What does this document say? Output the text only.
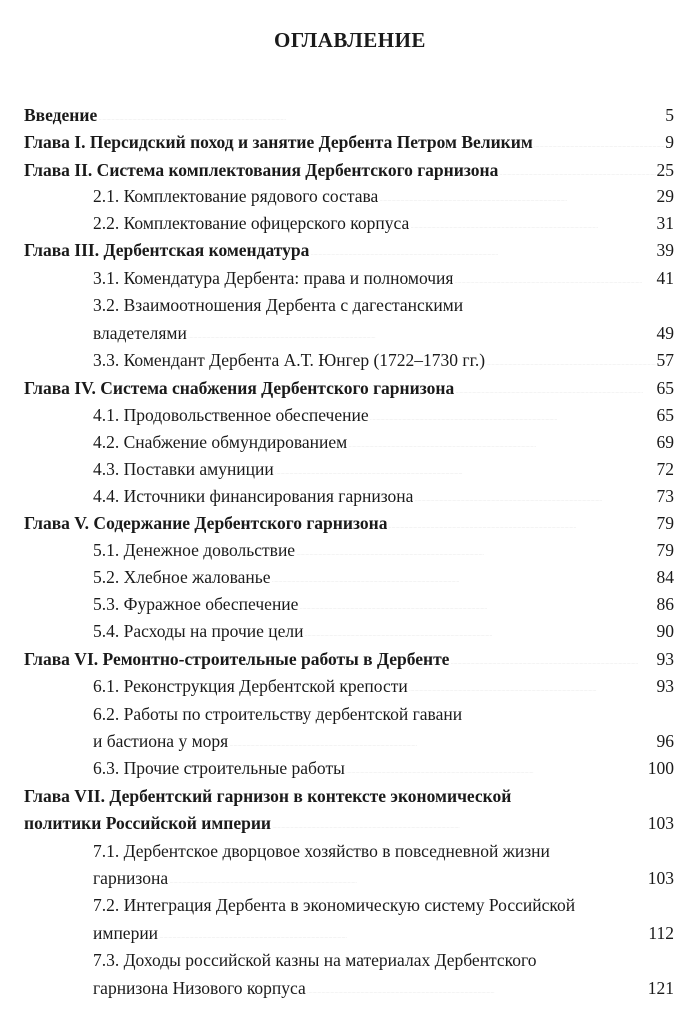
ОГЛАВЛЕНИЕ
Введение . . .	5
Глава I. Персидский поход и занятие Дербента Петром Великим . . .	9
Глава II. Система комплектования Дербентского гарнизона . . .	25
2.1. Комплектование рядового состава . . .	29
2.2. Комплектование офицерского корпуса . . .	31
Глава III. Дербентская комендатура . . .	39
3.1. Комендатура Дербента: права и полномочия . . .	41
3.2. Взаимоотношения Дербента с дагестанскими
владетелями . . .	49
3.3. Комендант Дербента А.Т. Юнгер (1722–1730 гг.) . . .	57
Глава IV. Система снабжения Дербентского гарнизона . . .	65
4.1. Продовольственное обеспечение . . .	65
4.2. Снабжение обмундированием . . .	69
4.3. Поставки амуниции . . .	72
4.4. Источники финансирования гарнизона . . .	73
Глава V. Содержание Дербентского гарнизона . . .	79
5.1. Денежное довольствие . . .	79
5.2. Хлебное жалованье . . .	84
5.3. Фуражное обеспечение . . .	86
5.4. Расходы на прочие цели . . .	90
Глава VI. Ремонтно-строительные работы в Дербенте . . .	93
6.1. Реконструкция Дербентской крепости . . .	93
6.2. Работы по строительству дербентской гавани
и бастиона у моря . . .	96
6.3. Прочие строительные работы . . .	100
Глава VII. Дербентский гарнизон в контексте экономической
политики Российской империи . . .	103
7.1. Дербентское дворцовое хозяйство в повседневной жизни
гарнизона . . .	103
7.2. Интеграция Дербента в экономическую систему Российской
империи . . .	112
7.3. Доходы российской казны на материалах Дербентского
гарнизона Низового корпуса . . .	121
